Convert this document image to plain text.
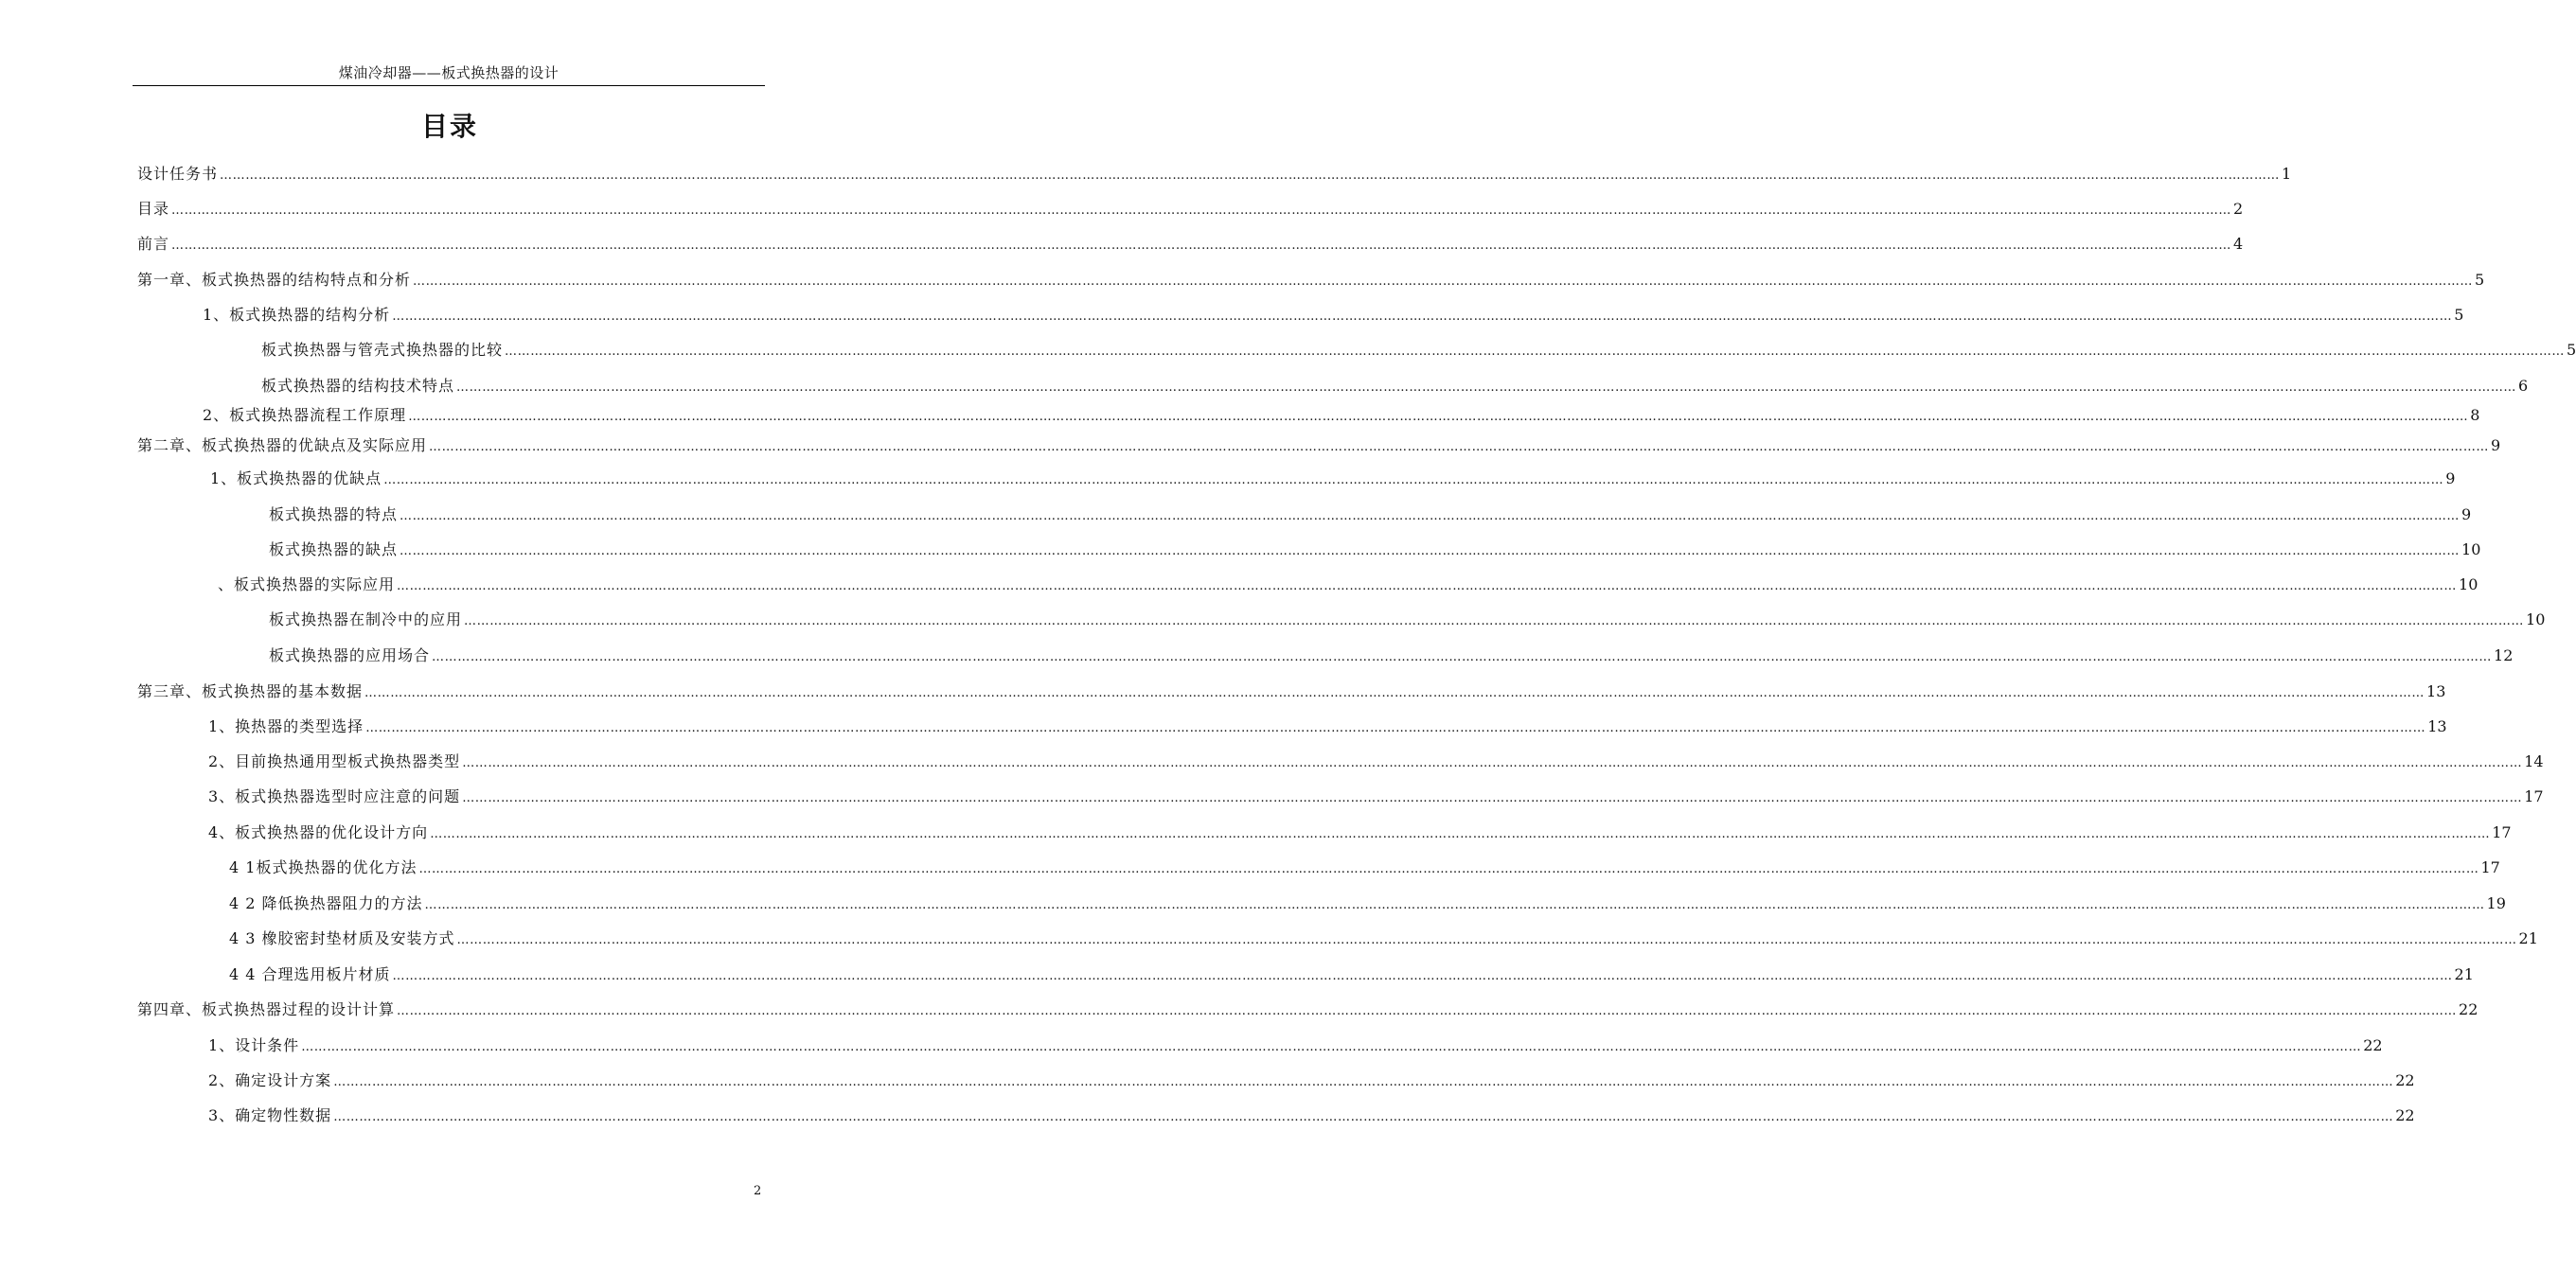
煤油冷却器——板式换热器的设计
目录
设计任务书 ………………………………………………………………………………………………………………………………………………………………………………………………………………………………………………………………………………………………………………………………………………………………………………………………………………………………………… 1
目录 ………………………………………………………………………………………………………………………………………………………………………………………………………………………………………………………………………………………………………………………………………………………………………………………………………………………………………… 2
前言 ………………………………………………………………………………………………………………………………………………………………………………………………………………………………………………………………………………………………………………………………………………………………………………………………………………………………………… 4
第一章、板式换热器的结构特点和分析 ………………………………………………………………………………………………………………………………………………………………………………………………………………………………………………………………………………………………………………………………………………………………………………………………………………………………………… 5
1、板式换热器的结构分析 ………………………………………………………………………………………………………………………………………………………………………………………………………………………………………………………………………………………………………………………………………………………………………………………………………………………………………… 5
板式换热器与管壳式换热器的比较 ………………………………………………………………………………………………………………………………………………………………………………………………………………………………………………………………………………………………………………………………………………………………………………………………………………………………………… 5
板式换热器的结构技术特点 ………………………………………………………………………………………………………………………………………………………………………………………………………………………………………………………………………………………………………………………………………………………………………………………………………………………………………… 6
2、板式换热器流程工作原理 ………………………………………………………………………………………………………………………………………………………………………………………………………………………………………………………………………………………………………………………………………………………………………………………………………………………………………… 8
第二章、板式换热器的优缺点及实际应用 ………………………………………………………………………………………………………………………………………………………………………………………………………………………………………………………………………………………………………………………………………………………………………………………………………………………………………… 9
1、板式换热器的优缺点 ………………………………………………………………………………………………………………………………………………………………………………………………………………………………………………………………………………………………………………………………………………………………………………………………………………………………………… 9
板式换热器的特点 ………………………………………………………………………………………………………………………………………………………………………………………………………………………………………………………………………………………………………………………………………………………………………………………………………………………………………… 9
板式换热器的缺点 ………………………………………………………………………………………………………………………………………………………………………………………………………………………………………………………………………………………………………………………………………………………………………………………………………………………………………… 10
、板式换热器的实际应用 ………………………………………………………………………………………………………………………………………………………………………………………………………………………………………………………………………………………………………………………………………………………………………………………………………………………………………… 10
板式换热器在制冷中的应用 ………………………………………………………………………………………………………………………………………………………………………………………………………………………………………………………………………………………………………………………………………………………………………………………………………………………………………… 10
板式换热器的应用场合 ………………………………………………………………………………………………………………………………………………………………………………………………………………………………………………………………………………………………………………………………………………………………………………………………………………………………………… 12
第三章、板式换热器的基本数据 ………………………………………………………………………………………………………………………………………………………………………………………………………………………………………………………………………………………………………………………………………………………………………………………………………………………………………… 13
1、换热器的类型选择 ………………………………………………………………………………………………………………………………………………………………………………………………………………………………………………………………………………………………………………………………………………………………………………………………………………………………………… 13
2、目前换热通用型板式换热器类型 ………………………………………………………………………………………………………………………………………………………………………………………………………………………………………………………………………………………………………………………………………………………………………………………………………………………………………… 14
3、板式换热器选型时应注意的问题 ………………………………………………………………………………………………………………………………………………………………………………………………………………………………………………………………………………………………………………………………………………………………………………………………………………………………………… 17
4、板式换热器的优化设计方向 ………………………………………………………………………………………………………………………………………………………………………………………………………………………………………………………………………………………………………………………………………………………………………………………………………………………………………… 17
4 1板式换热器的优化方法 ………………………………………………………………………………………………………………………………………………………………………………………………………………………………………………………………………………………………………………………………………………………………………………………………………………………………………… 17
4 2 降低换热器阻力的方法 ………………………………………………………………………………………………………………………………………………………………………………………………………………………………………………………………………………………………………………………………………………………………………………………………………………………………………… 19
4 3 橡胶密封垫材质及安装方式 ………………………………………………………………………………………………………………………………………………………………………………………………………………………………………………………………………………………………………………………………………………………………………………………………………………………………………… 21
4 4 合理选用板片材质 ………………………………………………………………………………………………………………………………………………………………………………………………………………………………………………………………………………………………………………………………………………………………………………………………………………………………………… 21
第四章、板式换热器过程的设计计算 ………………………………………………………………………………………………………………………………………………………………………………………………………………………………………………………………………………………………………………………………………………………………………………………………………………………………………… 22
1、设计条件 ………………………………………………………………………………………………………………………………………………………………………………………………………………………………………………………………………………………………………………………………………………………………………………………………………………………………………… 22
2、确定设计方案 ………………………………………………………………………………………………………………………………………………………………………………………………………………………………………………………………………………………………………………………………………………………………………………………………………………………………………… 22
3、确定物性数据 ………………………………………………………………………………………………………………………………………………………………………………………………………………………………………………………………………………………………………………………………………………………………………………………………………………………………………… 22
2
